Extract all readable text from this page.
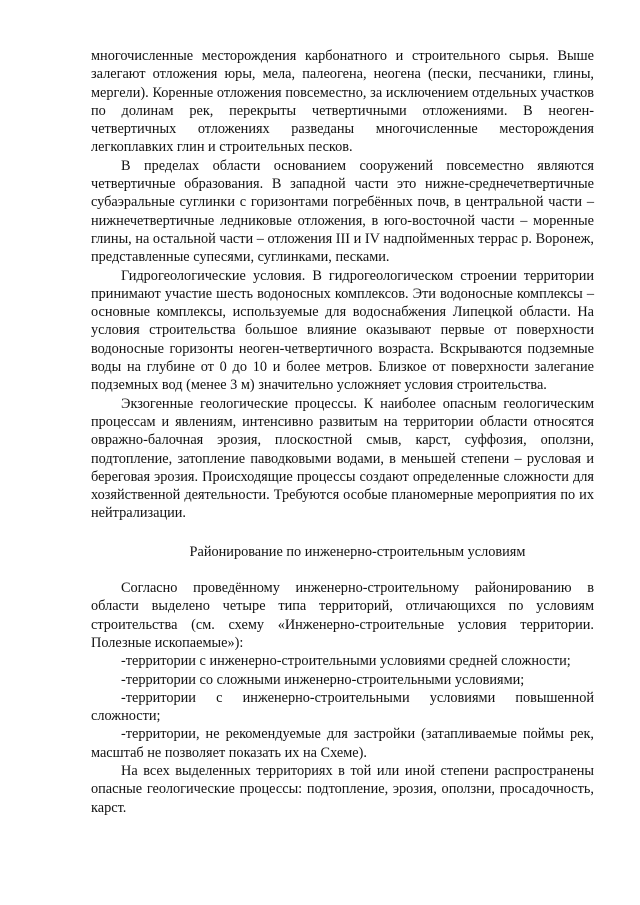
многочисленные месторождения карбонатного и строительного сырья. Выше залегают отложения юры, мела, палеогена, неогена (пески, песчаники, глины, мергели). Коренные отложения повсеместно, за исключением отдельных участков по долинам рек, перекрыты четвертичными отложениями. В неоген-четвертичных отложениях разведаны многочисленные месторождения легкоплавких глин и строительных песков.

В пределах области основанием сооружений повсеместно являются четвертичные образования. В западной части это нижне-среднечетвертичные субаэральные суглинки с горизонтами погребённых почв, в центральной части – нижнечетвертичные ледниковые отложения, в юго-восточной части – моренные глины, на остальной части – отложения III и IV надпойменных террас р. Воронеж, представленные супесями, суглинками, песками.

Гидрогеологические условия. В гидрогеологическом строении территории принимают участие шесть водоносных комплексов. Эти водоносные комплексы – основные комплексы, используемые для водоснабжения Липецкой области. На условия строительства большое влияние оказывают первые от поверхности водоносные горизонты неоген-четвертичного возраста. Вскрываются подземные воды на глубине от 0 до 10 и более метров. Близкое от поверхности залегание подземных вод (менее 3 м) значительно усложняет условия строительства.

Экзогенные геологические процессы. К наиболее опасным геологическим процессам и явлениям, интенсивно развитым на территории области относятся овражно-балочная эрозия, плоскостной смыв, карст, суффозия, оползни, подтопление, затопление паводковыми водами, в меньшей степени – русловая и береговая эрозия. Происходящие процессы создают определенные сложности для хозяйственной деятельности. Требуются особые планомерные мероприятия по их нейтрализации.

Районирование по инженерно-строительным условиям

Согласно проведённому инженерно-строительному районированию в области выделено четыре типа территорий, отличающихся по условиям строительства (см. схему «Инженерно-строительные условия территории. Полезные ископаемые»):

-территории с инженерно-строительными условиями средней сложности;

-территории со сложными инженерно-строительными условиями;

-территории с инженерно-строительными условиями повышенной сложности;

-территории, не рекомендуемые для застройки (затапливаемые поймы рек, масштаб не позволяет показать их на Схеме).

На всех выделенных территориях в той или иной степени распространены опасные геологические процессы: подтопление, эрозия, оползни, просадочность, карст.
